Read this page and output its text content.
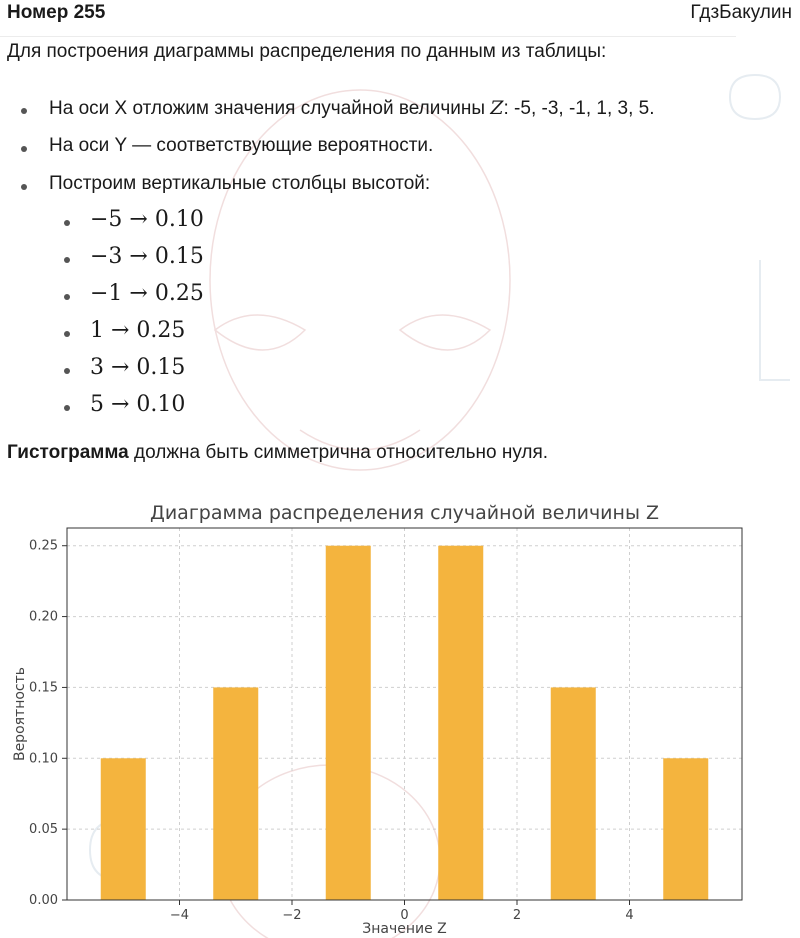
Номер 255	ГдзБакулин
Для построения диаграммы распределения по данным из таблицы:
На оси X отложим значения случайной величины Z: -5, -3, -1, 1, 3, 5.
На оси Y — соответствующие вероятности.
Построим вертикальные столбцы высотой:
−5 → 0.10
−3 → 0.15
−1 → 0.25
1 → 0.25
3 → 0.15
5 → 0.10
Гистограмма должна быть симметрична относительно нуля.
−4	−2	0	2	4
0.00
0.05
0.10
0.15
0.20
0.25
Диаграмма распределения случайной величины Z
Значение Z
Вероятность
